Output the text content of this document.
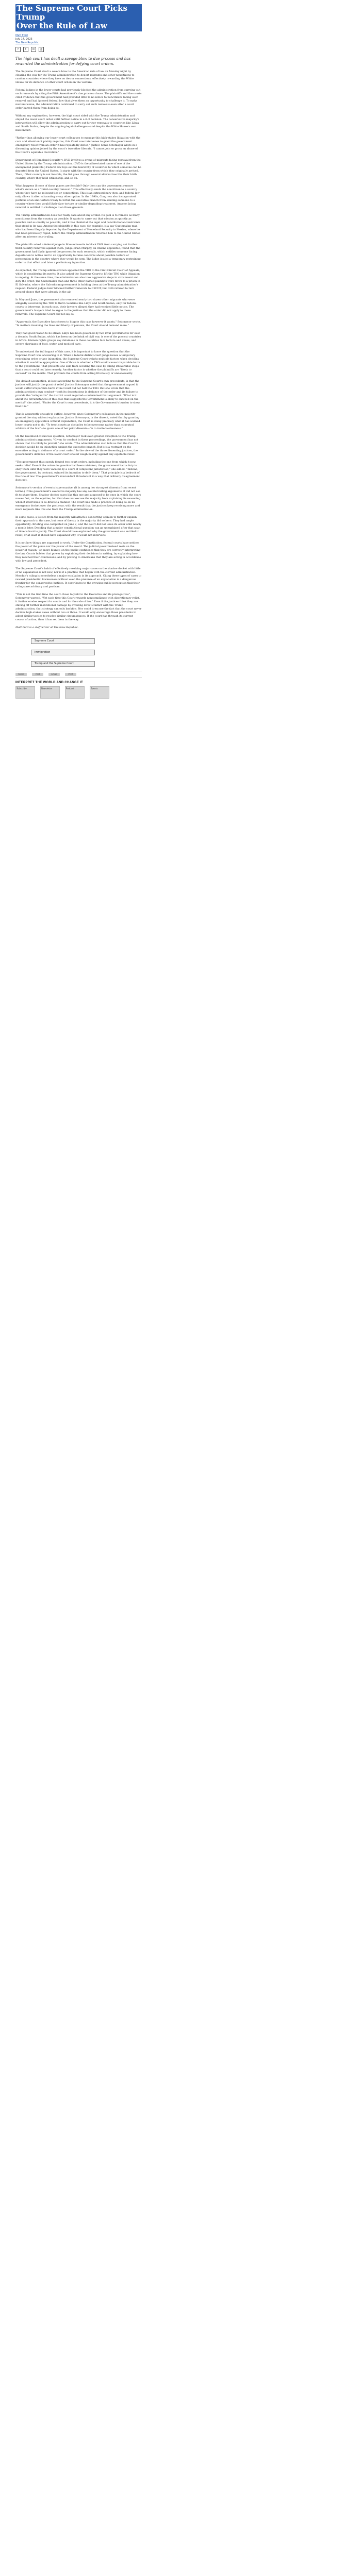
The Supreme Court Picks Trump
Over the Rule of Law
Matt Ford
July 14, 2025
The New Republic
f	t	✉	⎙

The high court has dealt a savage blow to due process and has rewarded the administration for defying court orders.

The Supreme Court dealt a severe blow to the American rule of law on Monday night by clearing the way for the Trump administration to deport migrants and other noncitizens to random countries where they have no ties or connections, effectively rewarding the White House for its defiance of other court orders in the venture.

Federal judges in the lower courts had previously blocked the administration from carrying out such removals by citing the Fifth Amendment's due process clause. The plaintiffs and the courts cited evidence that the government had provided little to no notice to noncitizens facing such removal and had ignored federal law that gives them an opportunity to challenge it. To make matters worse, the administration continued to carry out such removals even after a court order barred them from doing so.

Without any explanation, however, the high court sided with the Trump administration and stayed the lower court order until further notice in a 6–3 decision. The conservative majority's intervention will allow the administration to carry out further removals to countries like Libya and South Sudan, despite the ongoing legal challenges—and despite the White House's own misconduct.

"Rather than allowing our lower court colleagues to manage this high-stakes litigation with the care and attention it plainly requires, this Court now intervenes to grant the government emergency relief from an order it has repeatedly defied," Justice Sonia Sotomayor wrote in a dissenting opinion joined by the court's two other liberals. "I cannot join so gross an abuse of the Court's equitable discretion."

Department of Homeland Security v. DVD involves a group of migrants facing removal from the United States by the Trump administration. (DVD is the abbreviated name of one of the anonymized plaintiffs.) Federal law lays out the hierarchy of countries to which someone can be deported from the United States. It starts with the country from which they originally arrived. Then, if that country is not feasible, the list goes through several alternatives like their birth country, where they hold citizenship, and so on.

What happens if none of those places are feasible? Only then can the government remove what's known as a "third-country removal." This effectively sends the noncitizen to a country where they have no relevant ties or connections. This is an extraordinary step, and federal law only allows it after exhausting every other option. In the 1990s, Congress also incorporated portions of an anti-torture treaty to forbid the executive branch from sending someone to a country where they would likely face torture or similar degrading treatment. Anyone facing removal is entitled to challenge it on those grounds.

The Trump administration does not really care about any of that. Its goal is to remove as many noncitizens from the country as possible. It wants to carry out that mission as quickly as possible and as cruelly as possible, and it has chafed at the legal and constitutional constraints that stand in its way. Among the plaintiffs in this case, for example, is a gay Guatemalan man who had been illegally deported by the Department of Homeland Security to Mexico, where he had been previously raped, before the Trump administration returned him to the United States after an adverse court ruling.

The plaintiffs asked a federal judge in Massachusetts to block DHS from carrying out further third-country removals against them. Judge Brian Murphy, an Obama appointee, found that the government had likely ignored the process for such removals, which entitles someone facing deportation to notice and to an opportunity to raise concerns about possible torture or persecution in the country where they would be sent. The judge issued a temporary restraining order to that effect and later a preliminary injunction.

As expected, the Trump administration appealed the TRO to the First Circuit Court of Appeals, which is considering its merits. It also asked the Supreme Court to lift the TRO while litigation is ongoing. At the same time, the administration also took aggressive steps to circumvent and defy the order. The Guatemalan man and three other named plaintiffs were flown to a prison in El Salvador, where the Salvadoran government is holding them at the Trump administration's request. Federal judges later blocked further removals to CECOT, but DHS refused to turn around planes that were already in the air.

In May and June, the government also removed nearly two dozen other migrants who were allegedly covered by the TRO to third countries like Libya and South Sudan, only for federal courts to intervene; in each case, their lawyers alleged they had received little notice. The government's lawyers tried to argue to the justices that the order did not apply to these removals. The Supreme Court did not say so.

"Apparently, the Executive has chosen to litigate this case however it wants," Sotomayor wrote. "In matters involving the lives and liberty of persons, the Court should demand more."

They had good reason to be afraid. Libya has been governed by two rival governments for over a decade; South Sudan, which has been on the brink of civil war, is one of the poorest countries in Africa. Human rights groups say detainees in these countries face torture and abuse, and severe shortages of food, water, and medical care.

To understand the full impact of this case, it is important to know the question that the Supreme Court was answering in it. When a federal district court judge issues a temporary restraining order or any injunction, the Supreme Court weighs multiple factors when deciding whether it would be appropriate. One of those is whether a TRO would cause irreparable harm to the government. That prevents one side from securing the case by taking irreversible steps that a court could not later remedy. Another factor is whether the plaintiffs are "likely to succeed" on the merits. That prevents the courts from acting frivolously or unnecessarily.

The default assumption, at least according to the Supreme Court's own precedents, is that the justices will justify the grant of relief. Justice Sotomayor noted that the government argued it would suffer irreparable harm if the Court did not halt the TRO. But she wrote that the administration's own conduct—both its deportations in defiance of the order and its failure to provide the "safeguards" the district court required—undermined that argument. "What is it about the circumstances of this case that suggests the Government is likely to succeed on the merits?" she asked. "Under the Court's own precedents, it is the Government's burden to show that it is."

That is apparently enough to suffice, however, since Sotomayor's colleagues in the majority granted the stay without explanation. Justice Sotomayor, in the dissent, noted that by granting an emergency application without explanation, the Court is doing precisely what it has warned lower courts not to do. "To treat courts as obstacles to be overcome rather than as neutral arbiters of the law"—to quote one of her prior dissents—"is to invite lawlessness."

On the likelihood-of-success question, Sotomayor took even greater exception to the Trump administration's arguments. "Given its conduct in these proceedings, the government has not shown that it is likely to prevail," she wrote. "The administration also tells us that the Court's decision would be an injunction against the executive branch. But it is a restraint on the executive acting in defiance of a court order." In the view of the three dissenting justices, the government's defiance of the lower court should weigh heavily against any equitable relief.

"The government thus openly flouted two court orders, including the one from which it now seeks relief. Even if the orders in question had been mistaken, the government had a duty to obey them until they were vacated by a court of competent jurisdiction," she added. "Instead, the government, by contrast, evinced its intention to defy them." That principle is a bedrock of the rule of law. The government's misconduct threatens it in a way that ordinary disagreement does not.

Sotomayor's version of events is persuasive. (It is among her strongest dissents from recent terms.) If the government's executive majority has any countervailing arguments, it did not see fit to share them. Shadow docket cases like this one are supposed to be ones in which the court moves fast, on the equities, but that does not excuse the majority from explaining its reasoning when it intervenes in so drastic a manner. The Court has made a practice of doing so on its emergency docket over the past year, with the result that the justices keep receiving more and more requests like this one from the Trump administration.

In some cases, a justice from the majority will attach a concurring opinion to further explain their approach to the case, but none of the six in the majority did so here. They had ample opportunity: Briefing was completed on June 2, and the court did not issue its order until nearly a month later. Deciding that a major constitutional question can go unexplained after that span of time is hard to justify. The Court should have explained why the government was entitled to relief, or at least it should have explained why it would not intervene.

It is not how things are supposed to work. Under the Constitution, federal courts have neither the power of the purse nor the power of the sword. The judicial power instead rests on the power of reason—or, more bluntly, on the public confidence that they are correctly interpreting the law. Courts bolster that power by explaining their decisions in writing, by explaining how they reached their conclusions, and by proving to Americans that they are acting in accordance with law and precedent.

The Supreme Court's habit of effectively resolving major cases on the shadow docket with little or no explanation is not new, nor is it a practice that began with the current administration. Monday's ruling is nonetheless a major escalation in its approach. Citing these types of cases to reward presidential lawlessness without even the pretense of an explanation is a dangerous frontier for the conservative justices. It contributes to the growing public perception that their rulings are arbitrary and partisan.

"This is not the first time the court chose to yield to the Executive and its prerogatives", Sotomayor warned. "Yet each time this Court rewards noncompliance with discretionary relief, it further erodes respect for courts and for the rule of law." Even if the justices think they are staving off further institutional damage by avoiding direct conflict with the Trump administration, that strategy can only backfire. Nor could it excuse the fact that the court never decides high-stakes cases without two or three. It would only encourage those presidents to adopt similar tactics to resolve similar circumstances. If the court has through its current course of action, then it has set them in the way.

Matt Ford is a staff writer at The New Republic.

Supreme Court Immigration Trump and the Supreme Court
Share	Post	Email	Print
INTERPRET THE WORLD AND CHANGE IT
Subscribe	Newsletter	Podcast	Events
